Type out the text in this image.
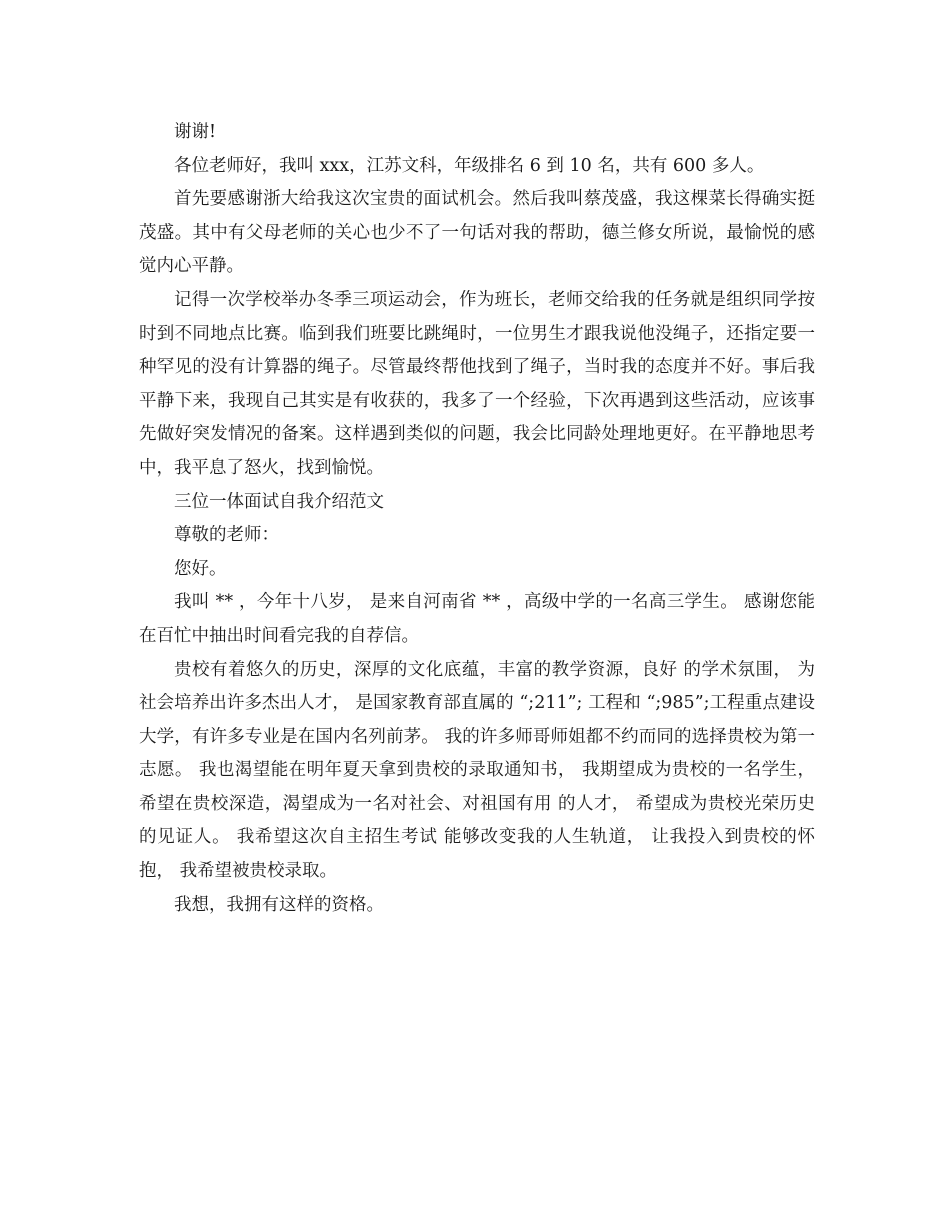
谢谢!

各位老师好，我叫 xxx，江苏文科，年级排名 6 到 10 名，共有 600 多人。

首先要感谢浙大给我这次宝贵的面试机会。然后我叫蔡茂盛，我这棵菜长得确实挺茂盛。其中有父母老师的关心也少不了一句话对我的帮助，德兰修女所说，最愉悦的感觉内心平静。

记得一次学校举办冬季三项运动会，作为班长，老师交给我的任务就是组织同学按时到不同地点比赛。临到我们班要比跳绳时，一位男生才跟我说他没绳子，还指定要一种罕见的没有计算器的绳子。尽管最终帮他找到了绳子，当时我的态度并不好。事后我平静下来，我现自己其实是有收获的，我多了一个经验，下次再遇到这些活动，应该事先做好突发情况的备案。这样遇到类似的问题，我会比同龄处理地更好。在平静地思考中，我平息了怒火，找到愉悦。

三位一体面试自我介绍范文

尊敬的老师：

您好。

我叫 ** ，今年十八岁， 是来自河南省 ** ，高级中学的一名高三学生。 感谢您能在百忙中抽出时间看完我的自荐信。

贵校有着悠久的历史，深厚的文化底蕴，丰富的教学资源，良好 的学术氛围， 为社会培养出许多杰出人才， 是国家教育部直属的 “;211”; 工程和 “;985”;工程重点建设大学，有许多专业是在国内名列前茅。 我的许多师哥师姐都不约而同的选择贵校为第一 志愿。 我也渴望能在明年夏天拿到贵校的录取通知书， 我期望成为贵校的一名学生，希望在贵校深造，渴望成为一名对社会、对祖国有用 的人才， 希望成为贵校光荣历史的见证人。 我希望这次自主招生考试 能够改变我的人生轨道， 让我投入到贵校的怀抱， 我希望被贵校录取。

我想，我拥有这样的资格。
